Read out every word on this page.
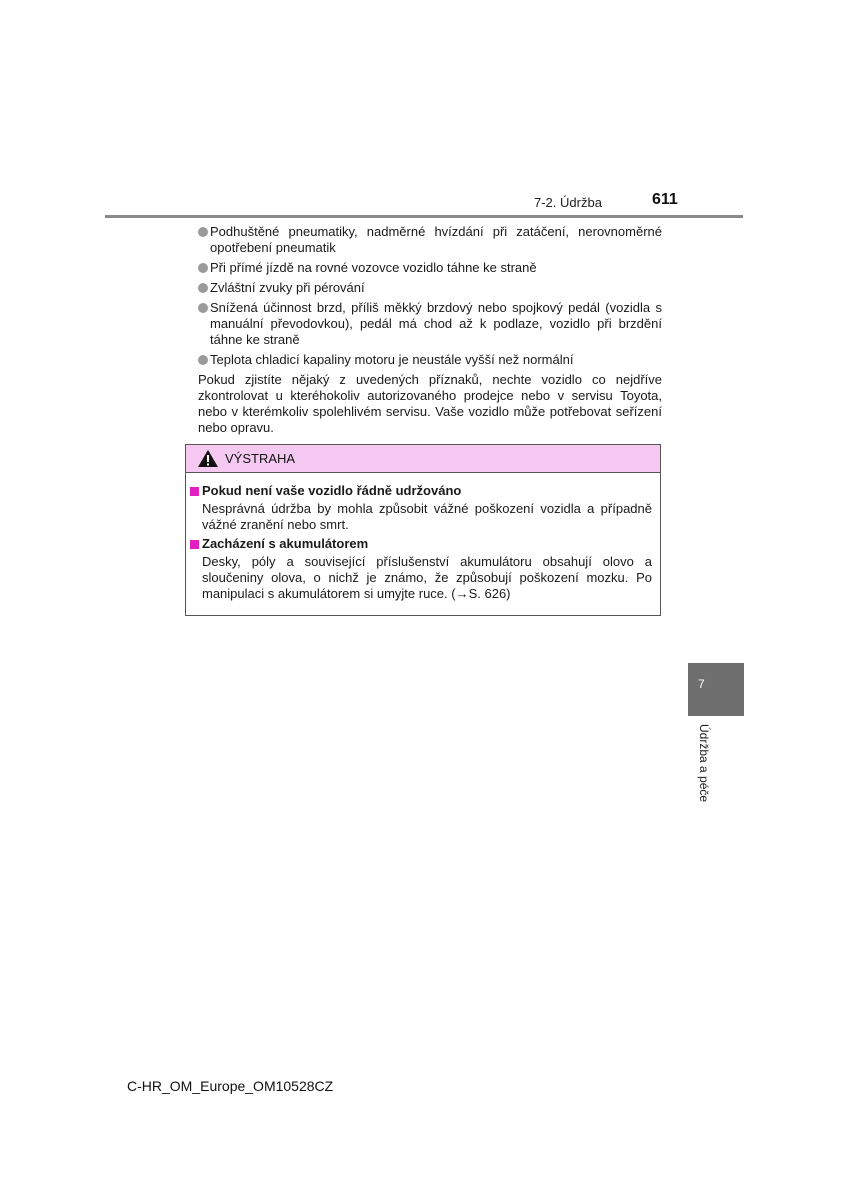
7-2. Údržba	611
Podhuštěné pneumatiky, nadměrné hvízdání při zatáčení, nerovnoměrné opotřebení pneumatik
Při přímé jízdě na rovné vozovce vozidlo táhne ke straně
Zvláštní zvuky při pérování
Snížená účinnost brzd, příliš měkký brzdový nebo spojkový pedál (vozidla s manuální převodovkou), pedál má chod až k podlaze, vozidlo při brzdění táhne ke straně
Teplota chladicí kapaliny motoru je neustále vyšší než normální
Pokud zjistíte nějaký z uvedených příznaků, nechte vozidlo co nejdříve zkontrolovat u kteréhokoliv autorizovaného prodejce nebo v servisu Toyota, nebo v kterémkoliv spolehlivém servisu. Vaše vozidlo může potřebovat seřízení nebo opravu.
VÝSTRAHA
Pokud není vaše vozidlo řádně udržováno
Nesprávná údržba by mohla způsobit vážné poškození vozidla a případně vážné zranění nebo smrt.
Zacházení s akumulátorem
Desky, póly a související příslušenství akumulátoru obsahují olovo a sloučeniny olova, o nichž je známo, že způsobují poškození mozku. Po manipulaci s akumulátorem si umyjte ruce. (→S. 626)
7
Údržba a péče
C-HR_OM_Europe_OM10528CZ
